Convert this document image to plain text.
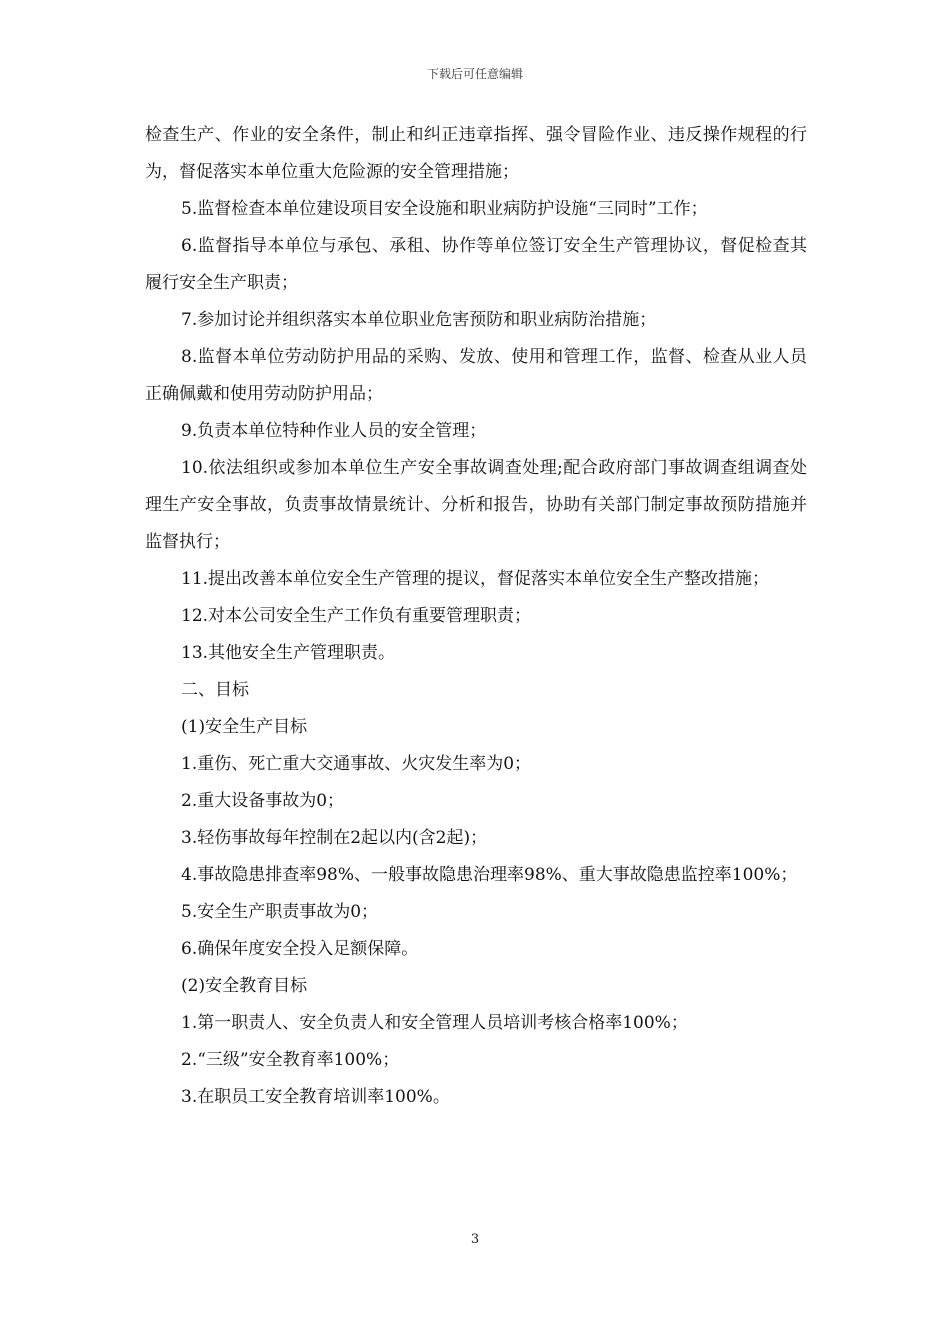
下载后可任意编辑

检查生产、作业的安全条件，制止和纠正违章指挥、强令冒险作业、违反操作规程的行为，督促落实本单位重大危险源的安全管理措施；

5.监督检查本单位建设项目安全设施和职业病防护设施“三同时”工作；

6.监督指导本单位与承包、承租、协作等单位签订安全生产管理协议，督促检查其履行安全生产职责；

7.参加讨论并组织落实本单位职业危害预防和职业病防治措施；

8.监督本单位劳动防护用品的采购、发放、使用和管理工作，监督、检查从业人员正确佩戴和使用劳动防护用品；

9.负责本单位特种作业人员的安全管理；

10.依法组织或参加本单位生产安全事故调查处理;配合政府部门事故调查组调查处理生产安全事故，负责事故情景统计、分析和报告，协助有关部门制定事故预防措施并监督执行；

11.提出改善本单位安全生产管理的提议，督促落实本单位安全生产整改措施；

12.对本公司安全生产工作负有重要管理职责；

13.其他安全生产管理职责。

二、目标

(1)安全生产目标

1.重伤、死亡重大交通事故、火灾发生率为0；

2.重大设备事故为0；

3.轻伤事故每年控制在2起以内(含2起)；

4.事故隐患排查率98%、一般事故隐患治理率98%、重大事故隐患监控率100%；

5.安全生产职责事故为0；

6.确保年度安全投入足额保障。

(2)安全教育目标

1.第一职责人、安全负责人和安全管理人员培训考核合格率100%；

2.“三级”安全教育率100%；

3.在职员工安全教育培训率100%。

3
